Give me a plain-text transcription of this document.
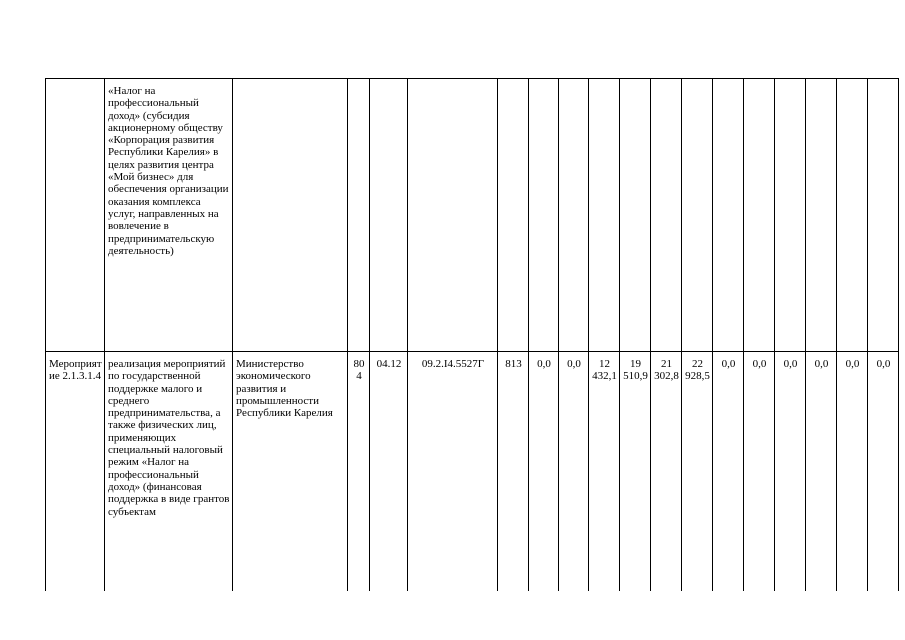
	«Налог на профессиональный доход» (субсидия акционерному обществу «Корпорация развития Республики Карелия» в целях развития центра «Мой бизнес» для обеспечения организации оказания комплекса услуг, направленных на вовлечение в предпринимательскую деятельность)																	
Мероприятие 2.1.3.1.4	реализация мероприятий по государственной поддержке малого и среднего предпринимательства, а также физических лиц, применяющих специальный налоговый режим «Налог на профессиональный доход» (финансовая поддержка в виде грантов субъектам	Министерство экономического развития и промышленности Республики Карелия	804	04.12	09.2.I4.5527Г	813	0,0	0,0	12 432,1	19 510,9	21 302,8	22 928,5	0,0	0,0	0,0	0,0	0,0	0,0
